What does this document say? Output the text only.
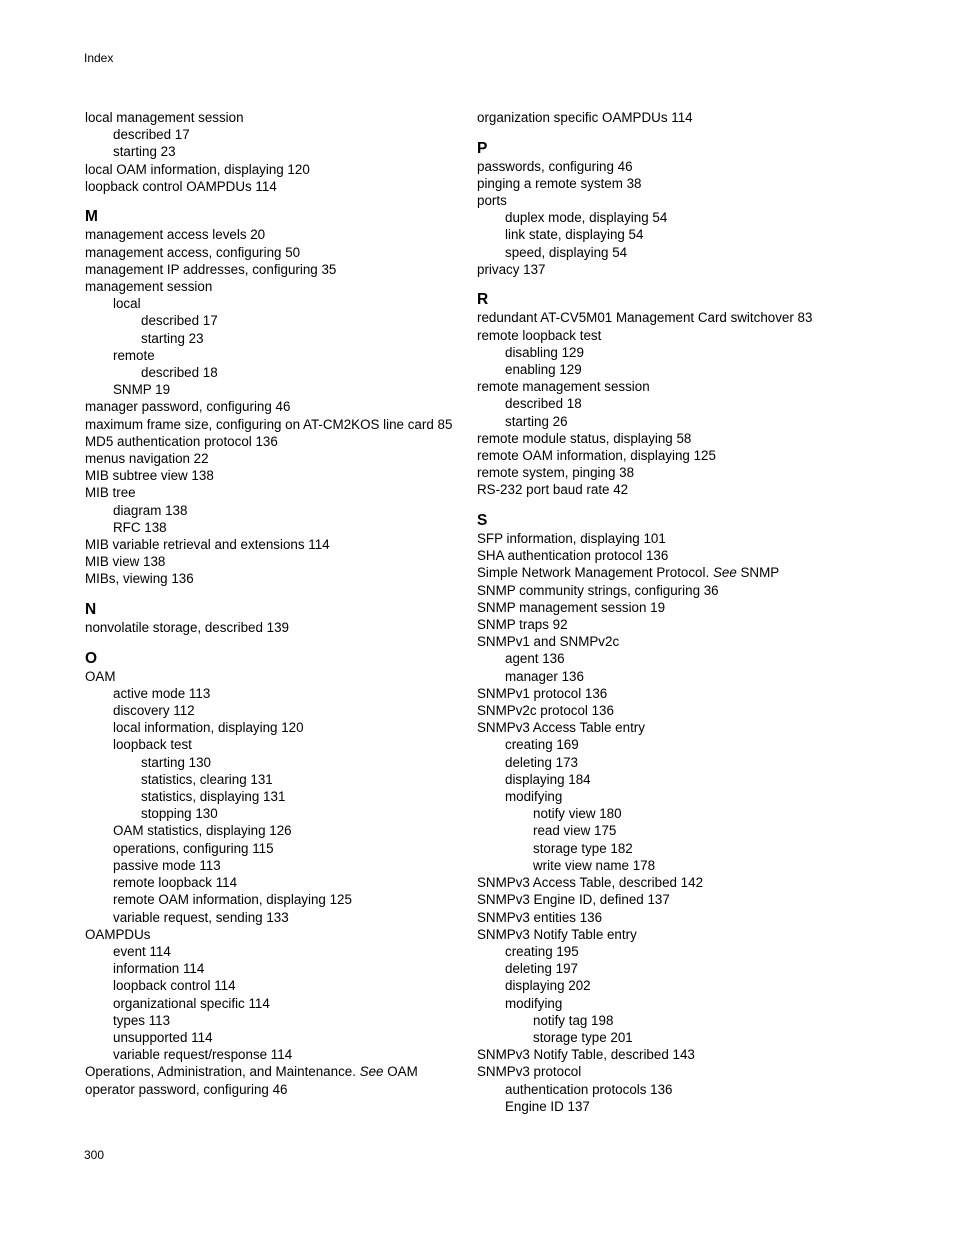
Index
local management session
described 17
starting 23
local OAM information, displaying 120
loopback control OAMPDUs 114
M
management access levels 20
management access, configuring 50
management IP addresses, configuring 35
management session
local
described 17
starting 23
remote
described 18
SNMP 19
manager password, configuring 46
maximum frame size, configuring on AT-CM2KOS line card 85
MD5 authentication protocol 136
menus navigation 22
MIB subtree view 138
MIB tree
diagram 138
RFC 138
MIB variable retrieval and extensions 114
MIB view 138
MIBs, viewing 136
N
nonvolatile storage, described 139
O
OAM
active mode 113
discovery 112
local information, displaying 120
loopback test
starting 130
statistics, clearing 131
statistics, displaying 131
stopping 130
OAM statistics, displaying 126
operations, configuring 115
passive mode 113
remote loopback 114
remote OAM information, displaying 125
variable request, sending 133
OAMPDUs
event 114
information 114
loopback control 114
organizational specific 114
types 113
unsupported 114
variable request/response 114
Operations, Administration, and Maintenance. See OAM
operator password, configuring 46
organization specific OAMPDUs 114
P
passwords, configuring 46
pinging a remote system 38
ports
duplex mode, displaying 54
link state, displaying 54
speed, displaying 54
privacy 137
R
redundant AT-CV5M01 Management Card switchover 83
remote loopback test
disabling 129
enabling 129
remote management session
described 18
starting 26
remote module status, displaying 58
remote OAM information, displaying 125
remote system, pinging 38
RS-232 port baud rate 42
S
SFP information, displaying 101
SHA authentication protocol 136
Simple Network Management Protocol. See SNMP
SNMP community strings, configuring 36
SNMP management session 19
SNMP traps 92
SNMPv1 and SNMPv2c
agent 136
manager 136
SNMPv1 protocol 136
SNMPv2c protocol 136
SNMPv3 Access Table entry
creating 169
deleting 173
displaying 184
modifying
notify view 180
read view 175
storage type 182
write view name 178
SNMPv3 Access Table, described 142
SNMPv3 Engine ID, defined 137
SNMPv3 entities 136
SNMPv3 Notify Table entry
creating 195
deleting 197
displaying 202
modifying
notify tag 198
storage type 201
SNMPv3 Notify Table, described 143
SNMPv3 protocol
authentication protocols 136
Engine ID 137
300
